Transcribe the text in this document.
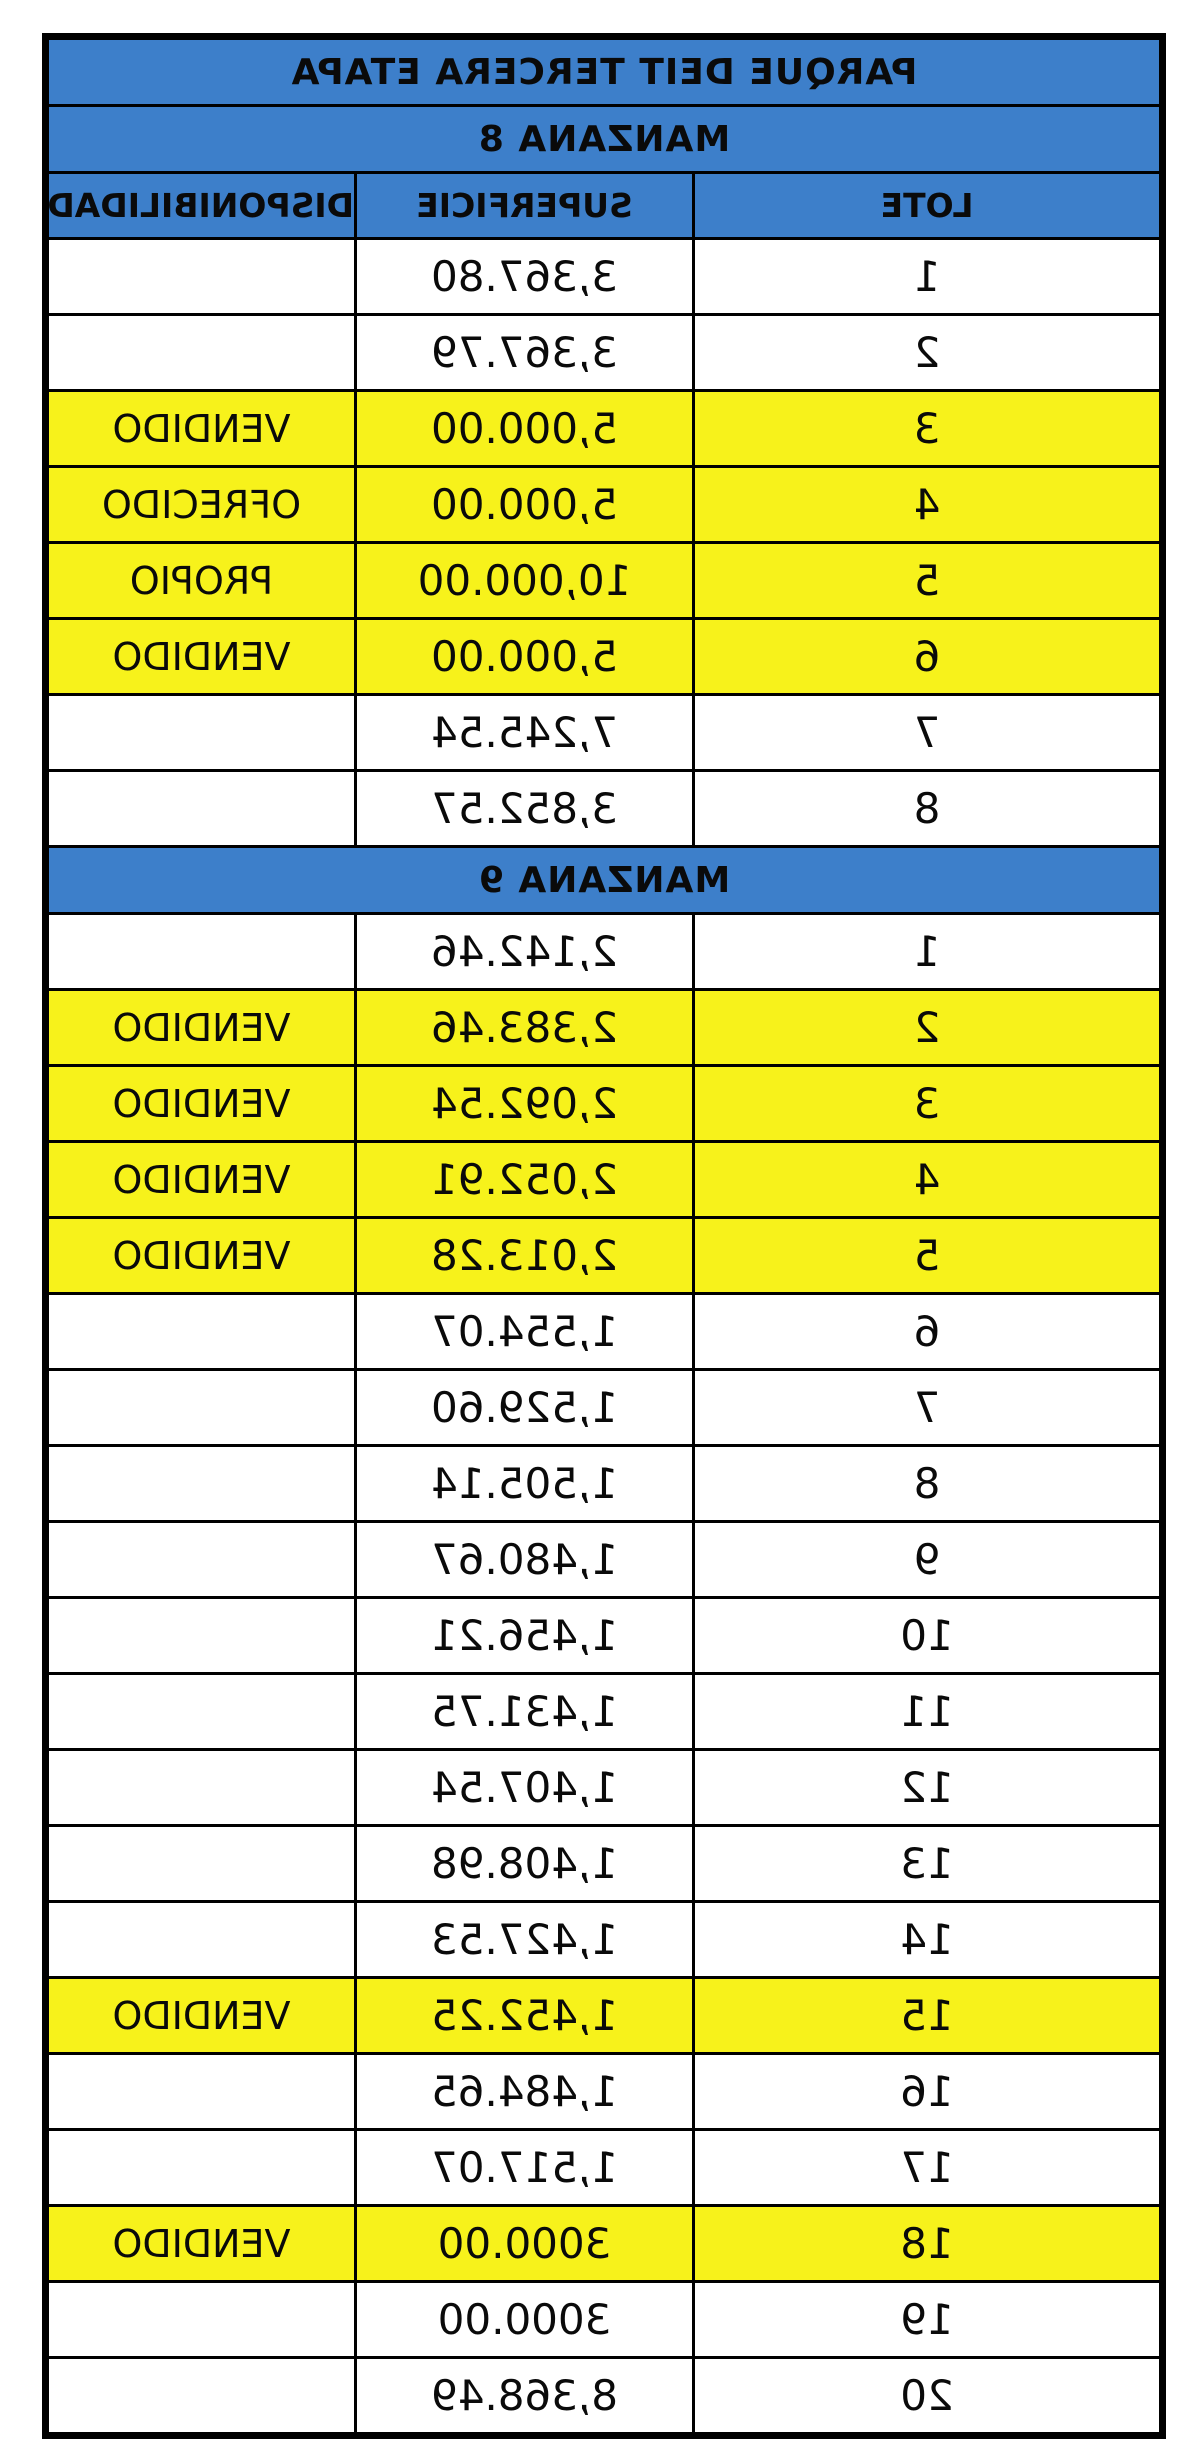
PARQUE DEIT TERCERA ETAPA		
MANZANA 8		
LOTE	SUPERFICIE	DISPONIBILIDAD
1	3,367.80	
2	3,367.79	
3	5,000.00	VENDIDO
4	5,000.00	OFRECIDO
5	10,000.00	PROPIO
6	5,000.00	VENDIDO
7	7,245.54	
8	3,852.57	
MANZANA 9		
1	2,142.46	
2	2,383.46	VENDIDO
3	2,092.54	VENDIDO
4	2,052.91	VENDIDO
5	2,013.28	VENDIDO
6	1,554.07	
7	1,529.60	
8	1,505.14	
9	1,480.67	
10	1,456.21	
11	1,431.75	
12	1,407.54	
13	1,408.98	
14	1,427.53	
15	1,452.25	VENDIDO
16	1,484.65	
17	1,517.07	
18	3000.00	VENDIDO
19	3000.00	
20	8,368.49	
